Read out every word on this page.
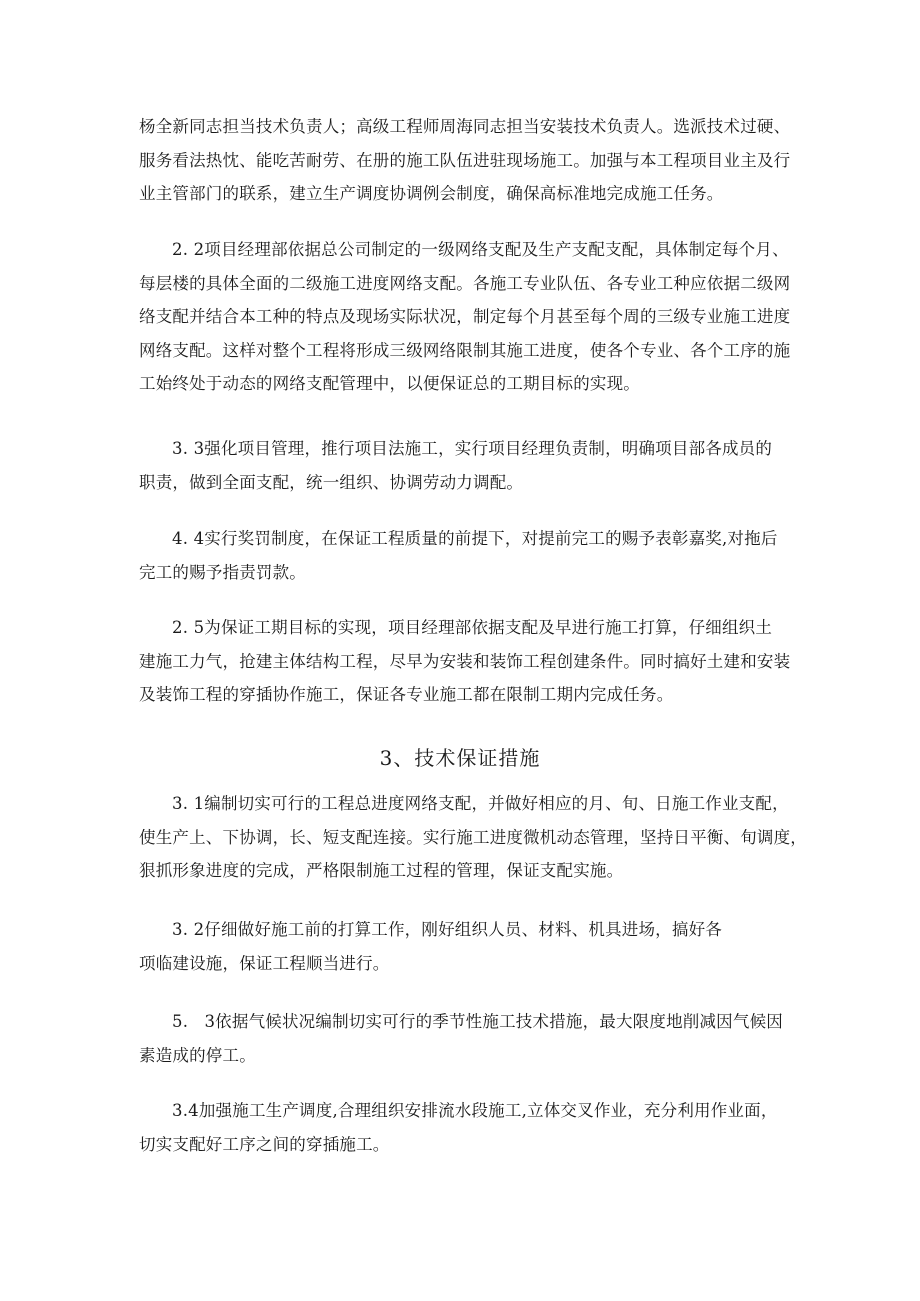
杨全新同志担当技术负责人；高级工程师周海同志担当安装技术负责人。选派技术过硬、
服务看法热忱、能吃苦耐劳、在册的施工队伍进驻现场施工。加强与本工程项目业主及行
业主管部门的联系，建立生产调度协调例会制度，确保高标准地完成施工任务。
2. 2项目经理部依据总公司制定的一级网络支配及生产支配支配，具体制定每个月、
每层楼的具体全面的二级施工进度网络支配。各施工专业队伍、各专业工种应依据二级网
络支配并结合本工种的特点及现场实际状况，制定每个月甚至每个周的三级专业施工进度
网络支配。这样对整个工程将形成三级网络限制其施工进度，使各个专业、各个工序的施
工始终处于动态的网络支配管理中，以便保证总的工期目标的实现。
3. 3强化项目管理，推行项目法施工，实行项目经理负责制，明确项目部各成员的
职责，做到全面支配，统一组织、协调劳动力调配。
4. 4实行奖罚制度，在保证工程质量的前提下，对提前完工的赐予表彰嘉奖,对拖后
完工的赐予指责罚款。
2. 5为保证工期目标的实现，项目经理部依据支配及早进行施工打算，仔细组织土
建施工力气，抢建主体结构工程，尽早为安装和装饰工程创建条件。同时搞好土建和安装
及装饰工程的穿插协作施工，保证各专业施工都在限制工期内完成任务。
3、技术保证措施
3. 1编制切实可行的工程总进度网络支配，并做好相应的月、旬、日施工作业支配，
使生产上、下协调，长、短支配连接。实行施工进度微机动态管理，坚持日平衡、旬调度，
狠抓形象进度的完成，严格限制施工过程的管理，保证支配实施。
3. 2仔细做好施工前的打算工作，刚好组织人员、材料、机具进场，搞好各
项临建设施，保证工程顺当进行。
5.   3依据气候状况编制切实可行的季节性施工技术措施，最大限度地削减因气候因
素造成的停工。
3.4加强施工生产调度,合理组织安排流水段施工,立体交叉作业，充分利用作业面，
切实支配好工序之间的穿插施工。
